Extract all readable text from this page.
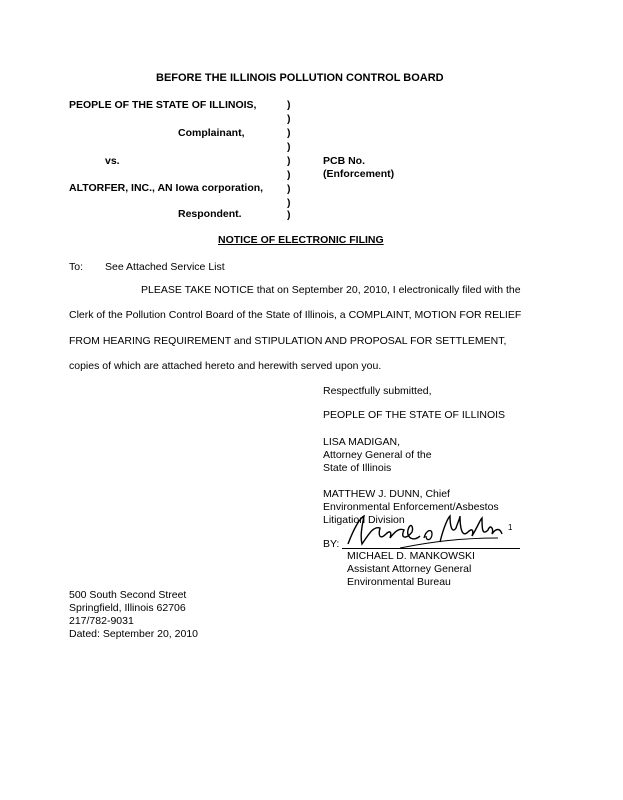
BEFORE THE ILLINOIS POLLUTION CONTROL BOARD
PEOPLE OF THE STATE OF ILLINOIS,
Complainant,
vs.
ALTORFER, INC., AN Iowa corporation,
Respondent.
)
)
)
)
)
)
)
)
)
PCB No.
(Enforcement)
NOTICE OF ELECTRONIC FILING
To: See Attached Service List
PLEASE TAKE NOTICE that on September 20, 2010, I electronically filed with the
Clerk of the Pollution Control Board of the State of Illinois, a COMPLAINT, MOTION FOR RELIEF
FROM HEARING REQUIREMENT and STIPULATION AND PROPOSAL FOR SETTLEMENT,
copies of which are attached hereto and herewith served upon you.
Respectfully submitted,
PEOPLE OF THE STATE OF ILLINOIS
LISA MADIGAN,
Attorney General of the
State of Illinois
MATTHEW J. DUNN, Chief
Environmental Enforcement/Asbestos
Litigation Division
BY:
1
MICHAEL D. MANKOWSKI
Assistant Attorney General
Environmental Bureau
500 South Second Street
Springfield, Illinois 62706
217/782-9031
Dated: September 20, 2010
